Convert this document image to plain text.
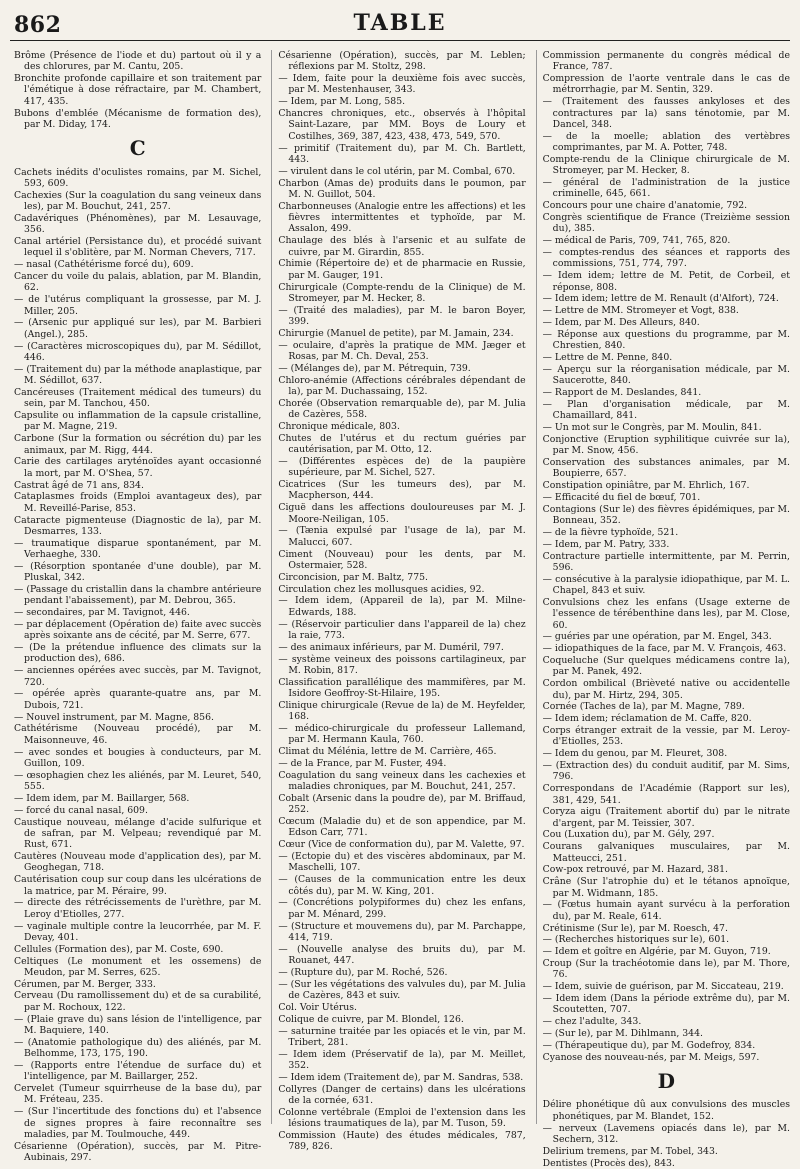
862	TABLE
Brôme (Présence de l'iode et du) partout où il y a des chlorures, par M. Cantu, 205.
Bronchite profonde capillaire et son traitement par l'émétique à dose réfractaire, par M. Chambert, 417, 435.
Bubons d'emblée (Mécanisme de formation des), par M. Diday, 174.
C
Cachets inédits d'oculistes romains, par M. Sichel, 593, 609.
Cachexies (Sur la coagulation du sang veineux dans les), par M. Bouchut, 241, 257.
Cadavériques (Phénomènes), par M. Lesauvage, 356.
Canal artériel (Persistance du), et procédé suivant lequel il s'oblitère, par M. Norman Chevers, 717.
— nasal (Cathétérisme forcé du), 609.
Cancer du voile du palais, ablation, par M. Blandin, 62.
— de l'utérus compliquant la grossesse, par M. J. Miller, 205.
— (Arsenic pur appliqué sur les), par M. Barbieri (Angel.), 285.
— (Caractères microscopiques du), par M. Sédillot, 446.
— (Traitement du) par la méthode anaplastique, par M. Sédillot, 637.
Cancéreuses (Traitement médical des tumeurs) du sein, par M. Tanchou, 450.
Capsulite ou inflammation de la capsule cristalline, par M. Magne, 219.
Carbone (Sur la formation ou sécrétion du) par les animaux, par M. Rigg, 444.
Carie des cartilages aryténoïdes ayant occasionné la mort, par M. O'Shea, 57.
Castrat âgé de 71 ans, 834.
Cataplasmes froids (Emploi avantageux des), par M. Reveillé-Parise, 853.
Cataracte pigmenteuse (Diagnostic de la), par M. Desmarres, 133.
— traumatique disparue spontanément, par M. Verhaeghe, 330.
— (Résorption spontanée d'une double), par M. Pluskal, 342.
— (Passage du cristallin dans la chambre antérieure pendant l'abaissement), par M. Debrou, 365.
— secondaires, par M. Tavignot, 446.
— par déplacement (Opération de) faite avec succès après soixante ans de cécité, par M. Serre, 677.
— (De la prétendue influence des climats sur la production des), 686.
— anciennes opérées avec succès, par M. Tavignot, 720.
— opérée après quarante-quatre ans, par M. Dubois, 721.
— Nouvel instrument, par M. Magne, 856.
Cathétérisme (Nouveau procédé), par M. Maisonneuve, 46.
— avec sondes et bougies à conducteurs, par M. Guillon, 109.
— œsophagien chez les aliénés, par M. Leuret, 540, 555.
— Idem idem, par M. Baillarger, 568.
— forcé du canal nasal, 609.
Caustique nouveau, mélange d'acide sulfurique et de safran, par M. Velpeau; revendiqué par M. Rust, 671.
Cautères (Nouveau mode d'application des), par M. Geoghegan, 718.
Cautérisation coup sur coup dans les ulcérations de la matrice, par M. Péraire, 99.
— directe des rétrécissements de l'urèthre, par M. Leroy d'Etiolles, 277.
— vaginale multiple contre la leucorrhée, par M. F. Devay, 401.
Cellules (Formation des), par M. Coste, 690.
Celtiques (Le monument et les ossemens) de Meudon, par M. Serres, 625.
Cérumen, par M. Berger, 333.
Cerveau (Du ramollissement du) et de sa curabilité, par M. Rochoux, 122.
— (Plaie grave du) sans lésion de l'intelligence, par M. Baquiere, 140.
— (Anatomie pathologique du) des aliénés, par M. Belhomme, 173, 175, 190.
— (Rapports entre l'étendue de surface du) et l'intelligence, par M. Baillarger, 252.
Cervelet (Tumeur squirrheuse de la base du), par M. Fréteau, 235.
— (Sur l'incertitude des fonctions du) et l'absence de signes propres à faire reconnaître ses maladies, par M. Toulmouche, 449.
Césarienne (Opération), succès, par M. Pitre-Aubinais, 297.
Césarienne (Opération), succès, par M. Leblen; réflexions par M. Stoltz, 298.
— Idem, faite pour la deuxième fois avec succès, par M. Mestenhauser, 343.
— Idem, par M. Long, 585.
Chancres chroniques, etc., observés à l'hôpital Saint-Lazare, par MM. Boys de Loury et Costilhes, 369, 387, 423, 438, 473, 549, 570.
— primitif (Traitement du), par M. Ch. Bartlett, 443.
— virulent dans le col utérin, par M. Combal, 670.
Charbon (Amas de) produits dans le poumon, par M. N. Guillot, 504.
Charbonneuses (Analogie entre les affections) et les fièvres intermittentes et typhoïde, par M. Assalon, 499.
Chaulage des blés à l'arsenic et au sulfate de cuivre, par M. Girardin, 855.
Chimie (Répertoire de) et de pharmacie en Russie, par M. Gauger, 191.
Chirurgicale (Compte-rendu de la Clinique) de M. Stromeyer, par M. Hecker, 8.
— (Traité des maladies), par M. le baron Boyer, 399.
Chirurgie (Manuel de petite), par M. Jamain, 234.
— oculaire, d'après la pratique de MM. Jæger et Rosas, par M. Ch. Deval, 253.
— (Mélanges de), par M. Pétrequin, 739.
Chloro-anémie (Affections cérébrales dépendant de la), par M. Duchassaing, 152.
Chorée (Observation remarquable de), par M. Julia de Cazères, 558.
Chronique médicale, 803.
Chutes de l'utérus et du rectum guéries par cautérisation, par M. Otto, 12.
— (Différentes espèces de) de la paupière supérieure, par M. Sichel, 527.
Cicatrices (Sur les tumeurs des), par M. Macpherson, 444.
Ciguë dans les affections douloureuses par M. J. Moore-Neiligan, 105.
— (Tænia expulsé par l'usage de la), par M. Malucci, 607.
Ciment (Nouveau) pour les dents, par M. Ostermaier, 528.
Circoncision, par M. Baltz, 775.
Circulation chez les mollusques acidies, 92.
— Idem idem, (Appareil de la), par M. Milne-Edwards, 188.
— (Réservoir particulier dans l'appareil de la) chez la raie, 773.
— des animaux inférieurs, par M. Duméril, 797.
— système veineux des poissons cartilagineux, par M. Robin, 817.
Classification parallélique des mammifères, par M. Isidore Geoffroy-St-Hilaire, 195.
Clinique chirurgicale (Revue de la) de M. Heyfelder, 168.
— médico-chirurgicale du professeur Lallemand, par M. Hermann Kaula, 760.
Climat du Mélénia, lettre de M. Carrière, 465.
— de la France, par M. Fuster, 494.
Coagulation du sang veineux dans les cachexies et maladies chroniques, par M. Bouchut, 241, 257.
Cobalt (Arsenic dans la poudre de), par M. Briffaud, 252.
Cœcum (Maladie du) et de son appendice, par M. Edson Carr, 771.
Cœur (Vice de conformation du), par M. Valette, 97.
— (Ectopie du) et des viscères abdominaux, par M. Maschelli, 107.
— (Causes de la communication entre les deux côtés du), par M. W. King, 201.
— (Concrétions polypiformes du) chez les enfans, par M. Ménard, 299.
— (Structure et mouvemens du), par M. Parchappe, 414, 719.
— (Nouvelle analyse des bruits du), par M. Rouanet, 447.
— (Rupture du), par M. Roché, 526.
— (Sur les végétations des valvules du), par M. Julia de Cazères, 843 et suiv.
Col. Voir Utérus.
Colique de cuivre, par M. Blondel, 126.
— saturnine traitée par les opiacés et le vin, par M. Tribert, 281.
— Idem idem (Préservatif de la), par M. Meillet, 352.
— Idem idem (Traitement de), par M. Sandras, 538.
Collyres (Danger de certains) dans les ulcérations de la cornée, 631.
Colonne vertébrale (Emploi de l'extension dans les lésions traumatiques de la), par M. Tuson, 59.
Commission (Haute) des études médicales, 787, 789, 826.
Commission permanente du congrès médical de France, 787.
Compression de l'aorte ventrale dans le cas de métrorrhagie, par M. Sentin, 329.
— (Traitement des fausses ankyloses et des contractures par la) sans ténotomie, par M. Dancel, 348.
— de la moelle; ablation des vertèbres comprimantes, par M. A. Potter, 748.
Compte-rendu de la Clinique chirurgicale de M. Stromeyer, par M. Hecker, 8.
— général de l'administration de la justice criminelle, 645, 661.
Concours pour une chaire d'anatomie, 792.
Congrès scientifique de France (Treizième session du), 385.
— médical de Paris, 709, 741, 765, 820.
— comptes-rendus des séances et rapports des commissions, 751, 774, 797.
— Idem idem; lettre de M. Petit, de Corbeil, et réponse, 808.
— Idem idem; lettre de M. Renault (d'Alfort), 724.
— Lettre de MM. Stromeyer et Vogt, 838.
— Idem, par M. Des Alleurs, 840.
— Réponse aux questions du programme, par M. Chrestien, 840.
— Lettre de M. Penne, 840.
— Aperçu sur la réorganisation médicale, par M. Saucerotte, 840.
— Rapport de M. Deslandes, 841.
— Plan d'organisation médicale, par M. Chamaillard, 841.
— Un mot sur le Congrès, par M. Moulin, 841.
Conjonctive (Eruption syphilitique cuivrée sur la), par M. Snow, 456.
Conservation des substances animales, par M. Boupierre, 657.
Constipation opiniâtre, par M. Ehrlich, 167.
— Efficacité du fiel de bœuf, 701.
Contagions (Sur le) des fièvres épidémiques, par M. Bonneau, 352.
— de la fièvre typhoïde, 521.
— Idem, par M. Patry, 333.
Contracture partielle intermittente, par M. Perrin, 596.
— consécutive à la paralysie idiopathique, par M. L. Chapel, 843 et suiv.
Convulsions chez les enfans (Usage externe de l'essence de térébenthine dans les), par M. Close, 60.
— guéries par une opération, par M. Engel, 343.
— idiopathiques de la face, par M. V. François, 463.
Coqueluche (Sur quelques médicamens contre la), par M. Panek, 492.
Cordon ombilical (Brièveté native ou accidentelle du), par M. Hirtz, 294, 305.
Cornée (Taches de la), par M. Magne, 789.
— Idem idem; réclamation de M. Caffe, 820.
Corps étranger extrait de la vessie, par M. Leroy-d'Etiolles, 253.
— Idem du genou, par M. Fleuret, 308.
— (Extraction des) du conduit auditif, par M. Sims, 796.
Correspondans de l'Académie (Rapport sur les), 381, 429, 541.
Coryza aigu (Traitement abortif du) par le nitrate d'argent, par M. Teissier, 307.
Cou (Luxation du), par M. Gély, 297.
Courans galvaniques musculaires, par M. Matteucci, 251.
Cow-pox retrouvé, par M. Hazard, 381.
Crâne (Sur l'atrophie du) et le tétanos apnoïque, par M. Widmann, 185.
— (Fœtus humain ayant survécu à la perforation du), par M. Reale, 614.
Crétinisme (Sur le), par M. Roesch, 47.
— (Recherches historiques sur le), 601.
— Idem et goître en Algérie, par M. Guyon, 719.
Croup (Sur la trachéotomie dans le), par M. Thore, 76.
— Idem, suivie de guérison, par M. Siccateau, 219.
— Idem idem (Dans la période extrême du), par M. Scoutetten, 707.
— chez l'adulte, 343.
— (Sur le), par M. Dihlmann, 344.
— (Thérapeutique du), par M. Godefroy, 834.
Cyanose des nouveau-nés, par M. Meigs, 597.
D
Délire phonétique dû aux convulsions des muscles phonétiques, par M. Blandet, 152.
— nerveux (Lavemens opiacés dans le), par M. Sechern, 312.
Delirium tremens, par M. Tobel, 343.
Dentistes (Procès des), 843.
